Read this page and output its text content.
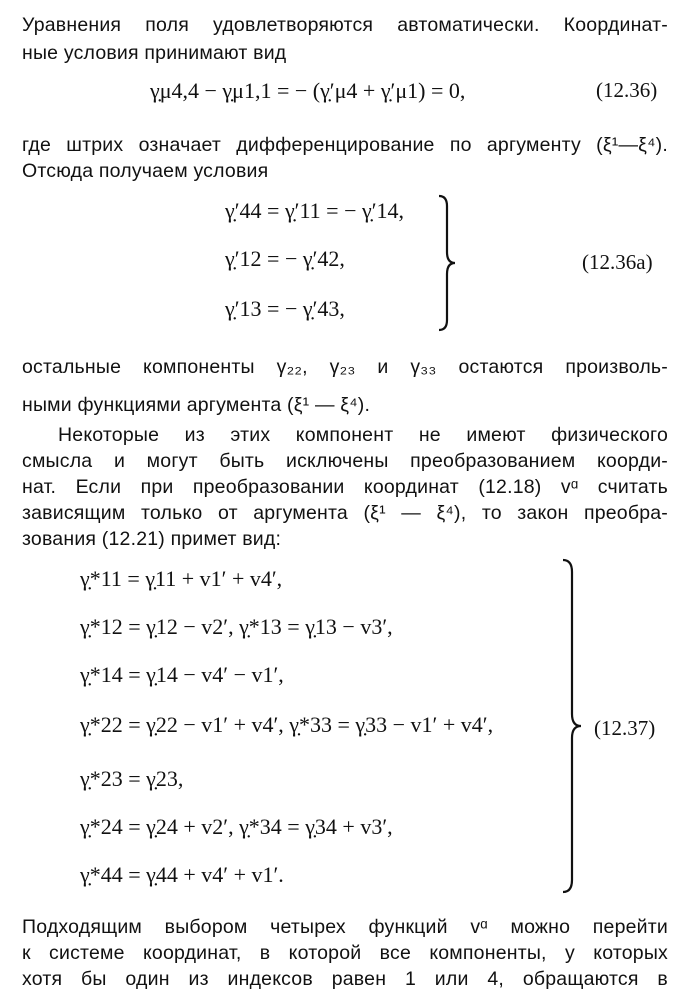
Уравнения поля удовлетворяются автоматически. Координат-
ные условия принимают вид
γ̣μ4,4 − γ̣μ1,1 = − (γ̣′μ4 + γ̣′μ1) = 0,	(12.36)
где штрих означает дифференцирование по аргументу (ξ¹—ξ⁴).
Отсюда получаем условия
γ̣′44 = γ̣′11 = − γ̣′14,
γ̣′12 = − γ̣′42,
γ̣′13 = − γ̣′43,
(12.36a)
остальные компоненты γ₂₂, γ₂₃ и γ₃₃ остаются произволь-
ными функциями аргумента (ξ¹ — ξ⁴).
Некоторые из этих компонент не имеют физического
смысла и могут быть исключены преобразованием коорди-
нат. Если при преобразовании координат (12.18) vᵅ считать
зависящим только от аргумента (ξ¹ — ξ⁴), то закон преобра-
зования (12.21) примет вид:
γ̣*11 = γ̣11 + v1′ + v4′,
γ̣*12 = γ̣12 − v2′, γ̣*13 = γ̣13 − v3′,
γ̣*14 = γ̣14 − v4′ − v1′,
γ̣*22 = γ̣22 − v1′ + v4′, γ̣*33 = γ̣33 − v1′ + v4′,
γ̣*23 = γ̣23,
γ̣*24 = γ̣24 + v2′, γ̣*34 = γ̣34 + v3′,
γ̣*44 = γ̣44 + v4′ + v1′.
(12.37)
Подходящим выбором четырех функций vᵅ можно перейти
к системе координат, в которой все компоненты, у которых
хотя бы один из индексов равен 1 или 4, обращаются в
